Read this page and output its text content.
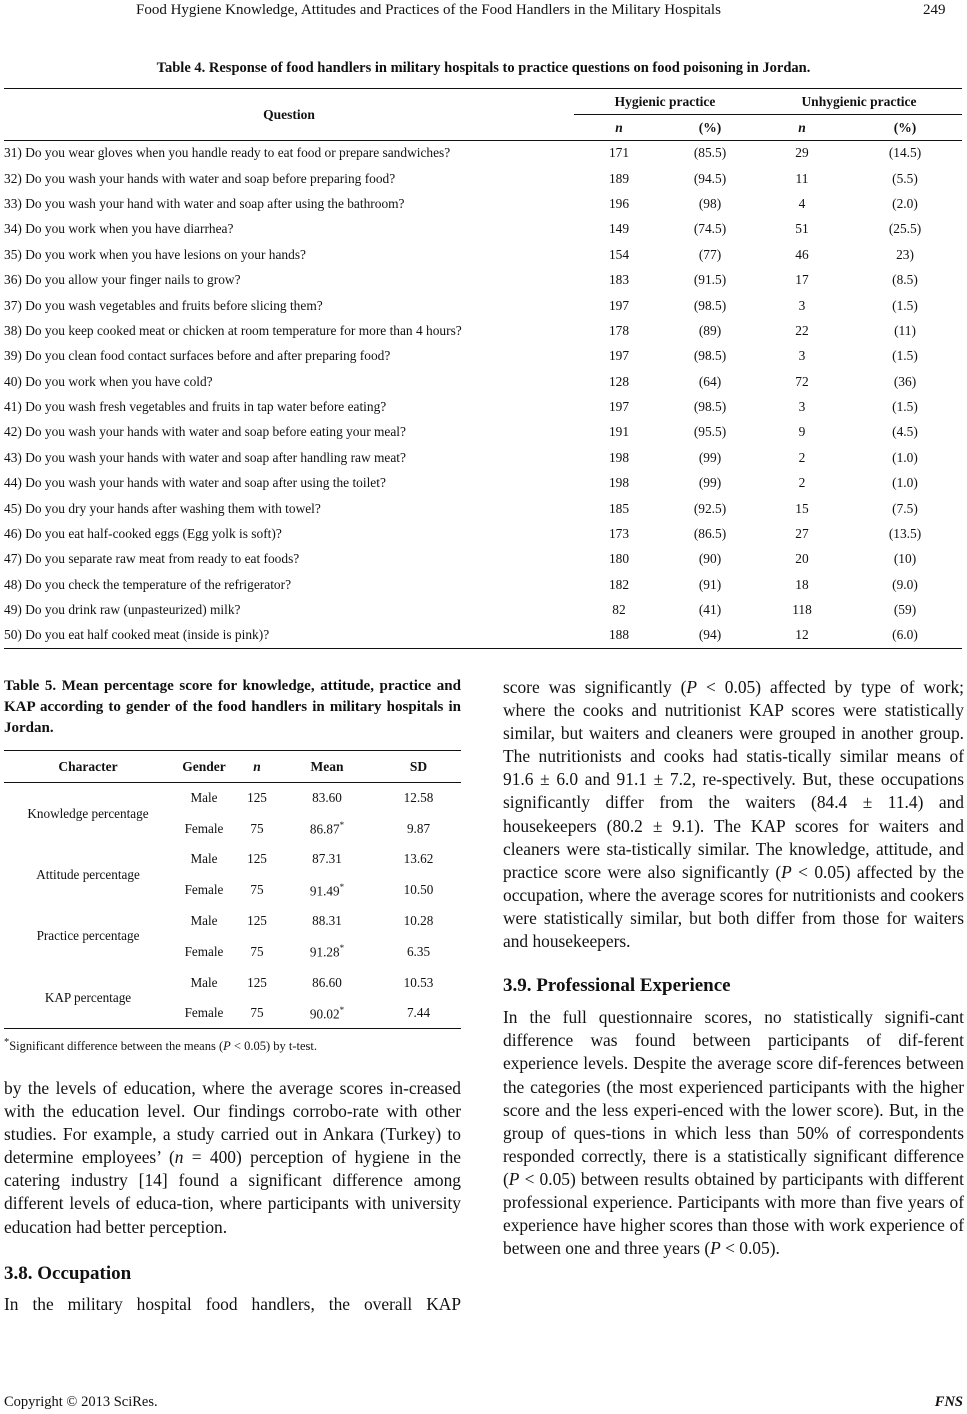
Food Hygiene Knowledge, Attitudes and Practices of the Food Handlers in the Military Hospitals	249
Table 4. Response of food handlers in military hospitals to practice questions on food poisoning in Jordan.
Question	Hygienic practice		Unhygienic practice	
	n	(%)	n	(%)
31) Do you wear gloves when you handle ready to eat food or prepare sandwiches?	171	(85.5)	29	(14.5)
32) Do you wash your hands with water and soap before preparing food?	189	(94.5)	11	(5.5)
33) Do you wash your hand with water and soap after using the bathroom?	196	(98)	4	(2.0)
34) Do you work when you have diarrhea?	149	(74.5)	51	(25.5)
35) Do you work when you have lesions on your hands?	154	(77)	46	23)
36) Do you allow your finger nails to grow?	183	(91.5)	17	(8.5)
37) Do you wash vegetables and fruits before slicing them?	197	(98.5)	3	(1.5)
38) Do you keep cooked meat or chicken at room temperature for more than 4 hours?	178	(89)	22	(11)
39) Do you clean food contact surfaces before and after preparing food?	197	(98.5)	3	(1.5)
40) Do you work when you have cold?	128	(64)	72	(36)
41) Do you wash fresh vegetables and fruits in tap water before eating?	197	(98.5)	3	(1.5)
42) Do you wash your hands with water and soap before eating your meal?	191	(95.5)	9	(4.5)
43) Do you wash your hands with water and soap after handling raw meat?	198	(99)	2	(1.0)
44) Do you wash your hands with water and soap after using the toilet?	198	(99)	2	(1.0)
45) Do you dry your hands after washing them with towel?	185	(92.5)	15	(7.5)
46) Do you eat half-cooked eggs (Egg yolk is soft)?	173	(86.5)	27	(13.5)
47) Do you separate raw meat from ready to eat foods?	180	(90)	20	(10)
48) Do you check the temperature of the refrigerator?	182	(91)	18	(9.0)
49) Do you drink raw (unpasteurized) milk?	82	(41)	118	(59)
50) Do you eat half cooked meat (inside is pink)?	188	(94)	12	(6.0)
Table 5. Mean percentage score for knowledge, attitude, practice and KAP according to gender of the food handlers in military hospitals in Jordan.
Character	Gender	n	Mean	SD
Knowledge percentage	Male	125	83.60	12.58
	Female	75	86.87*	9.87
Attitude percentage	Male	125	87.31	13.62
	Female	75	91.49*	10.50
Practice percentage	Male	125	88.31	10.28
	Female	75	91.28*	6.35
KAP percentage	Male	125	86.60	10.53
	Female	75	90.02*	7.44
*Significant difference between the means (P < 0.05) by t-test.

by the levels of education, where the average scores in-creased with the education level. Our findings corrobo-rate with other studies. For example, a study carried out in Ankara (Turkey) to determine employees’ (n = 400) perception of hygiene in the catering industry [14] found a significant difference among different levels of educa-tion, where participants with university education had better perception.

3.8. Occupation

In the military hospital food handlers, the overall KAP

score was significantly (P < 0.05) affected by type of work; where the cooks and nutritionist KAP scores were statistically similar, but waiters and cleaners were grouped in another group. The nutritionists and cooks had statis-tically similar means of 91.6 ± 6.0 and 91.1 ± 7.2, re-spectively. But, these occupations significantly differ from the waiters (84.4 ± 11.4) and housekeepers (80.2 ± 9.1). The KAP scores for waiters and cleaners were sta-tistically similar. The knowledge, attitude, and practice score were also significantly (P < 0.05) affected by the occupation, where the average scores for nutritionists and cookers were statistically similar, but both differ from those for waiters and housekeepers.

3.9. Professional Experience

In the full questionnaire scores, no statistically signifi-cant difference was found between participants of dif-ferent experience levels. Despite the average score dif-ferences between the categories (the most experienced participants with the higher score and the less experi-enced with the lower score). But, in the group of ques-tions in which less than 50% of correspondents responded correctly, there is a statistically significant difference (P < 0.05) between results obtained by participants with different professional experience. Participants with more than five years of experience have higher scores than those with work experience of between one and three years (P < 0.05).

Copyright © 2013 SciRes.	FNS
